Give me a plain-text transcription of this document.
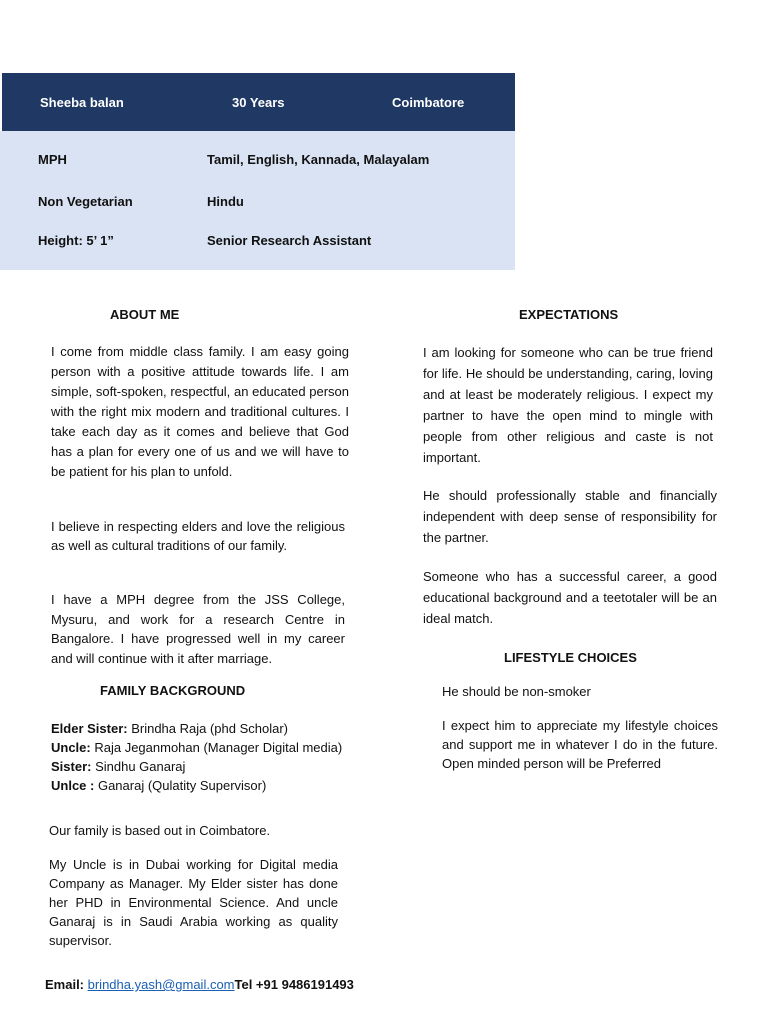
Sheeba balan	30 Years	Coimbatore
MPH	Tamil, English, Kannada, Malayalam
Non Vegetarian	Hindu
Height: 5’ 1”	Senior Research Assistant
ABOUT ME

I come from middle class family. I am easy going person with a positive attitude towards life. I am simple, soft-spoken, respectful, an educated person with the right mix modern and traditional cultures. I take each day as it comes and believe that God has a plan for every one of us and we will have to be patient for his plan to unfold.

I believe in respecting elders and love the religious as well as cultural traditions of our family.

I have a MPH degree from the JSS College, Mysuru, and work for a research Centre in Bangalore. I have progressed well in my career and will continue with it after marriage.

FAMILY BACKGROUND
Elder Sister: Brindha Raja (phd Scholar)
Uncle: Raja Jeganmohan (Manager Digital media)
Sister: Sindhu Ganaraj
Unlce : Ganaraj (Qulatity Supervisor)

Our family is based out in Coimbatore.

My Uncle is in Dubai working for Digital media Company as Manager. My Elder sister has done her PHD in Environmental Science. And uncle Ganaraj is in Saudi Arabia working as quality supervisor.

EXPECTATIONS

I am looking for someone who can be true friend for life. He should be understanding, caring, loving and at least be moderately religious. I expect my partner to have the open mind to mingle with people from other religious and caste is not important.

He should professionally stable and financially independent with deep sense of responsibility for the partner.

Someone who has a successful career, a good educational background and a teetotaler will be an ideal match.

LIFESTYLE CHOICES

He should be non-smoker

I expect him to appreciate my lifestyle choices and support me in whatever I do in the future. Open minded person will be Preferred

Email: brindha.yash@gmail.comTel +91 9486191493
